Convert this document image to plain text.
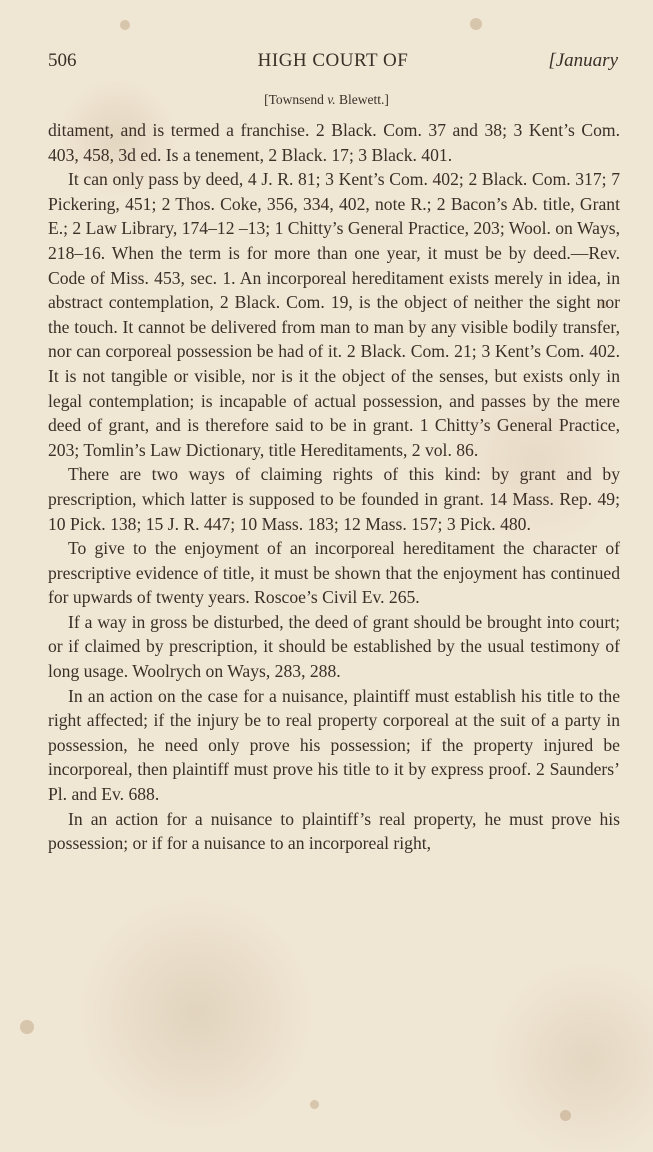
506	HIGH COURT OF	[January
[Townsend v. Blewett.]

ditament, and is termed a franchise. 2 Black. Com. 37 and 38; 3 Kent’s Com. 403, 458, 3d ed. Is a tenement, 2 Black. 17; 3 Black. 401.

It can only pass by deed, 4 J. R. 81; 3 Kent’s Com. 402; 2 Black. Com. 317; 7 Pickering, 451; 2 Thos. Coke, 356, 334, 402, note R.; 2 Bacon’s Ab. title, Grant E.; 2 Law Library, 174–12 –13; 1 Chitty’s General Practice, 203; Wool. on Ways, 218–16. When the term is for more than one year, it must be by deed.—Rev. Code of Miss. 453, sec. 1. An incorporeal hereditament exists merely in idea, in abstract contemplation, 2 Black. Com. 19, is the object of neither the sight nor the touch. It cannot be delivered from man to man by any visible bodily transfer, nor can corporeal possession be had of it. 2 Black. Com. 21; 3 Kent’s Com. 402. It is not tangible or visible, nor is it the object of the senses, but exists only in legal contemplation; is incapable of actual possession, and passes by the mere deed of grant, and is therefore said to be in grant. 1 Chitty’s General Practice, 203; Tomlin’s Law Dictionary, title Hereditaments, 2 vol. 86.

There are two ways of claiming rights of this kind: by grant and by prescription, which latter is supposed to be founded in grant. 14 Mass. Rep. 49; 10 Pick. 138; 15 J. R. 447; 10 Mass. 183; 12 Mass. 157; 3 Pick. 480.

To give to the enjoyment of an incorporeal hereditament the character of prescriptive evidence of title, it must be shown that the enjoyment has continued for upwards of twenty years. Roscoe’s Civil Ev. 265.

If a way in gross be disturbed, the deed of grant should be brought into court; or if claimed by prescription, it should be established by the usual testimony of long usage. Woolrych on Ways, 283, 288.

In an action on the case for a nuisance, plaintiff must establish his title to the right affected; if the injury be to real property corporeal at the suit of a party in possession, he need only prove his possession; if the property injured be incorporeal, then plaintiff must prove his title to it by express proof. 2 Saunders’ Pl. and Ev. 688.

In an action for a nuisance to plaintiff’s real property, he must prove his possession; or if for a nuisance to an incorporeal right,
